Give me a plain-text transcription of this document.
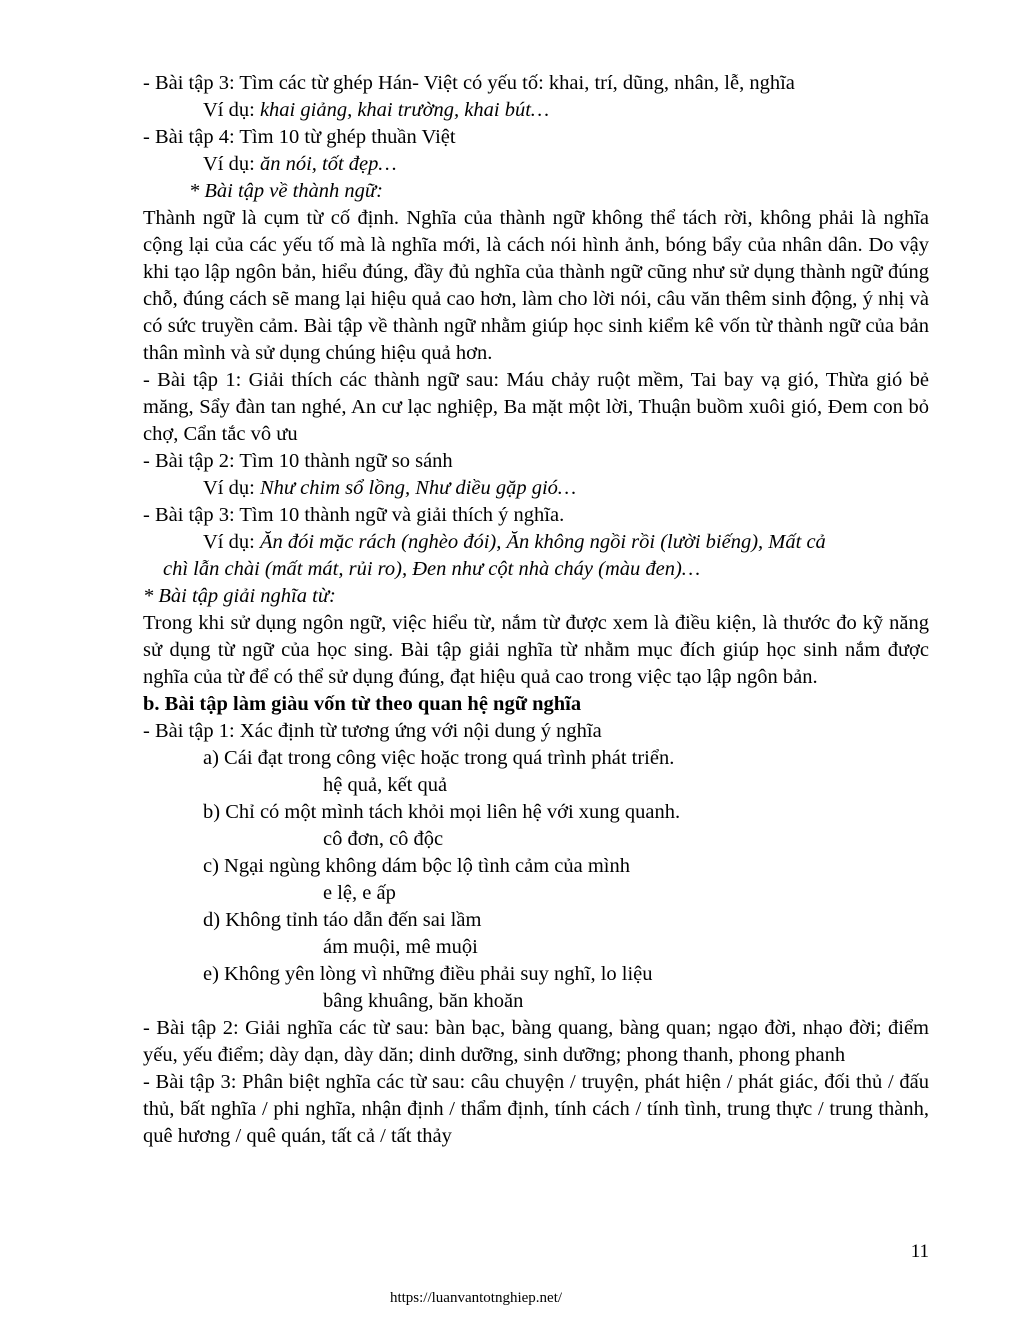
- Bài tập 3: Tìm các từ ghép Hán- Việt có yếu tố: khai, trí, dũng, nhân, lễ, nghĩa
Ví dụ: khai giảng, khai trường, khai bút…
- Bài tập 4: Tìm 10 từ ghép thuần Việt
Ví dụ: ăn nói, tốt đẹp…
* Bài tập về thành ngữ:
Thành ngữ là cụm từ cố định. Nghĩa của thành ngữ không thể tách rời, không phải là nghĩa cộng lại của các yếu tố mà là nghĩa mới, là cách nói hình ảnh, bóng bẩy của nhân dân. Do vậy khi tạo lập ngôn bản, hiểu đúng, đầy đủ nghĩa của thành ngữ cũng như sử dụng thành ngữ đúng chỗ, đúng cách sẽ mang lại hiệu quả cao hơn, làm cho lời nói, câu văn thêm sinh động, ý nhị và có sức truyền cảm. Bài tập về thành ngữ nhằm giúp học sinh kiểm kê vốn từ thành ngữ của bản thân mình và sử dụng chúng hiệu quả hơn.
- Bài tập 1: Giải thích các thành ngữ sau: Máu chảy ruột mềm, Tai bay vạ gió, Thừa gió bẻ măng, Sẩy đàn tan nghé, An cư lạc nghiệp, Ba mặt một lời, Thuận buồm xuôi gió, Đem con bỏ chợ, Cẩn tắc vô ưu
- Bài tập 2: Tìm 10 thành ngữ so sánh
Ví dụ: Như chim sổ lồng, Như diều gặp gió…
- Bài tập 3: Tìm 10 thành ngữ và giải thích ý nghĩa.
Ví dụ: Ăn đói mặc rách (nghèo đói), Ăn không ngồi rồi (lười biếng), Mất cả
chì lẫn chài (mất mát, rủi ro), Đen như cột nhà cháy (màu đen)…
* Bài tập giải nghĩa từ:
Trong khi sử dụng ngôn ngữ, việc hiểu từ, nắm từ được xem là điều kiện, là thước đo kỹ năng sử dụng từ ngữ của học sing. Bài tập giải nghĩa từ nhằm mục đích giúp học sinh nắm được nghĩa của từ để có thể sử dụng đúng, đạt hiệu quả cao trong việc tạo lập ngôn bản.
b. Bài tập làm giàu vốn từ theo quan hệ ngữ nghĩa
- Bài tập 1: Xác định từ tương ứng với nội dung ý nghĩa
a) Cái đạt trong công việc hoặc trong quá trình phát triển.
hệ quả, kết quả
b) Chỉ có một mình tách khỏi mọi liên hệ với xung quanh.
cô đơn, cô độc
c) Ngại ngùng không dám bộc lộ tình cảm của mình
e lệ, e ấp
d) Không tỉnh táo dẫn đến sai lầm
ám muội, mê muội
e) Không yên lòng vì những điều phải suy nghĩ, lo liệu
bâng khuâng, băn khoăn
- Bài tập 2: Giải nghĩa các từ sau: bàn bạc, bàng quang, bàng quan; ngạo đời, nhạo đời; điểm yếu, yếu điểm; dày dạn, dày dăn; dinh dưỡng, sinh dưỡng; phong thanh, phong phanh
- Bài tập 3: Phân biệt nghĩa các từ sau: câu chuyện / truyện, phát hiện / phát giác, đối thủ / đấu thủ, bất nghĩa / phi nghĩa, nhận định / thẩm định, tính cách / tính tình, trung thực / trung thành, quê hương / quê quán, tất cả / tất thảy
11
https://luanvantotnghiep.net/
